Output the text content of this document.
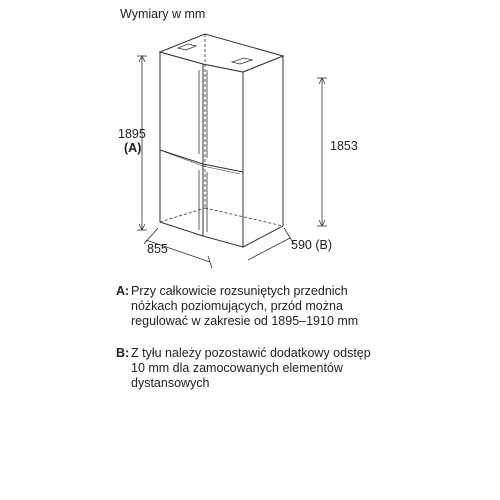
Wymiary w mm
1895
(A)	1853
855	590 (B)
A: Przy całkowicie rozsuniętych przednich nóżkach poziomujących, przód można regulować w zakresie od 1895–1910 mm
B: Z tyłu należy pozostawić dodatkowy odstęp 10 mm dla zamocowanych elementów dystansowych
